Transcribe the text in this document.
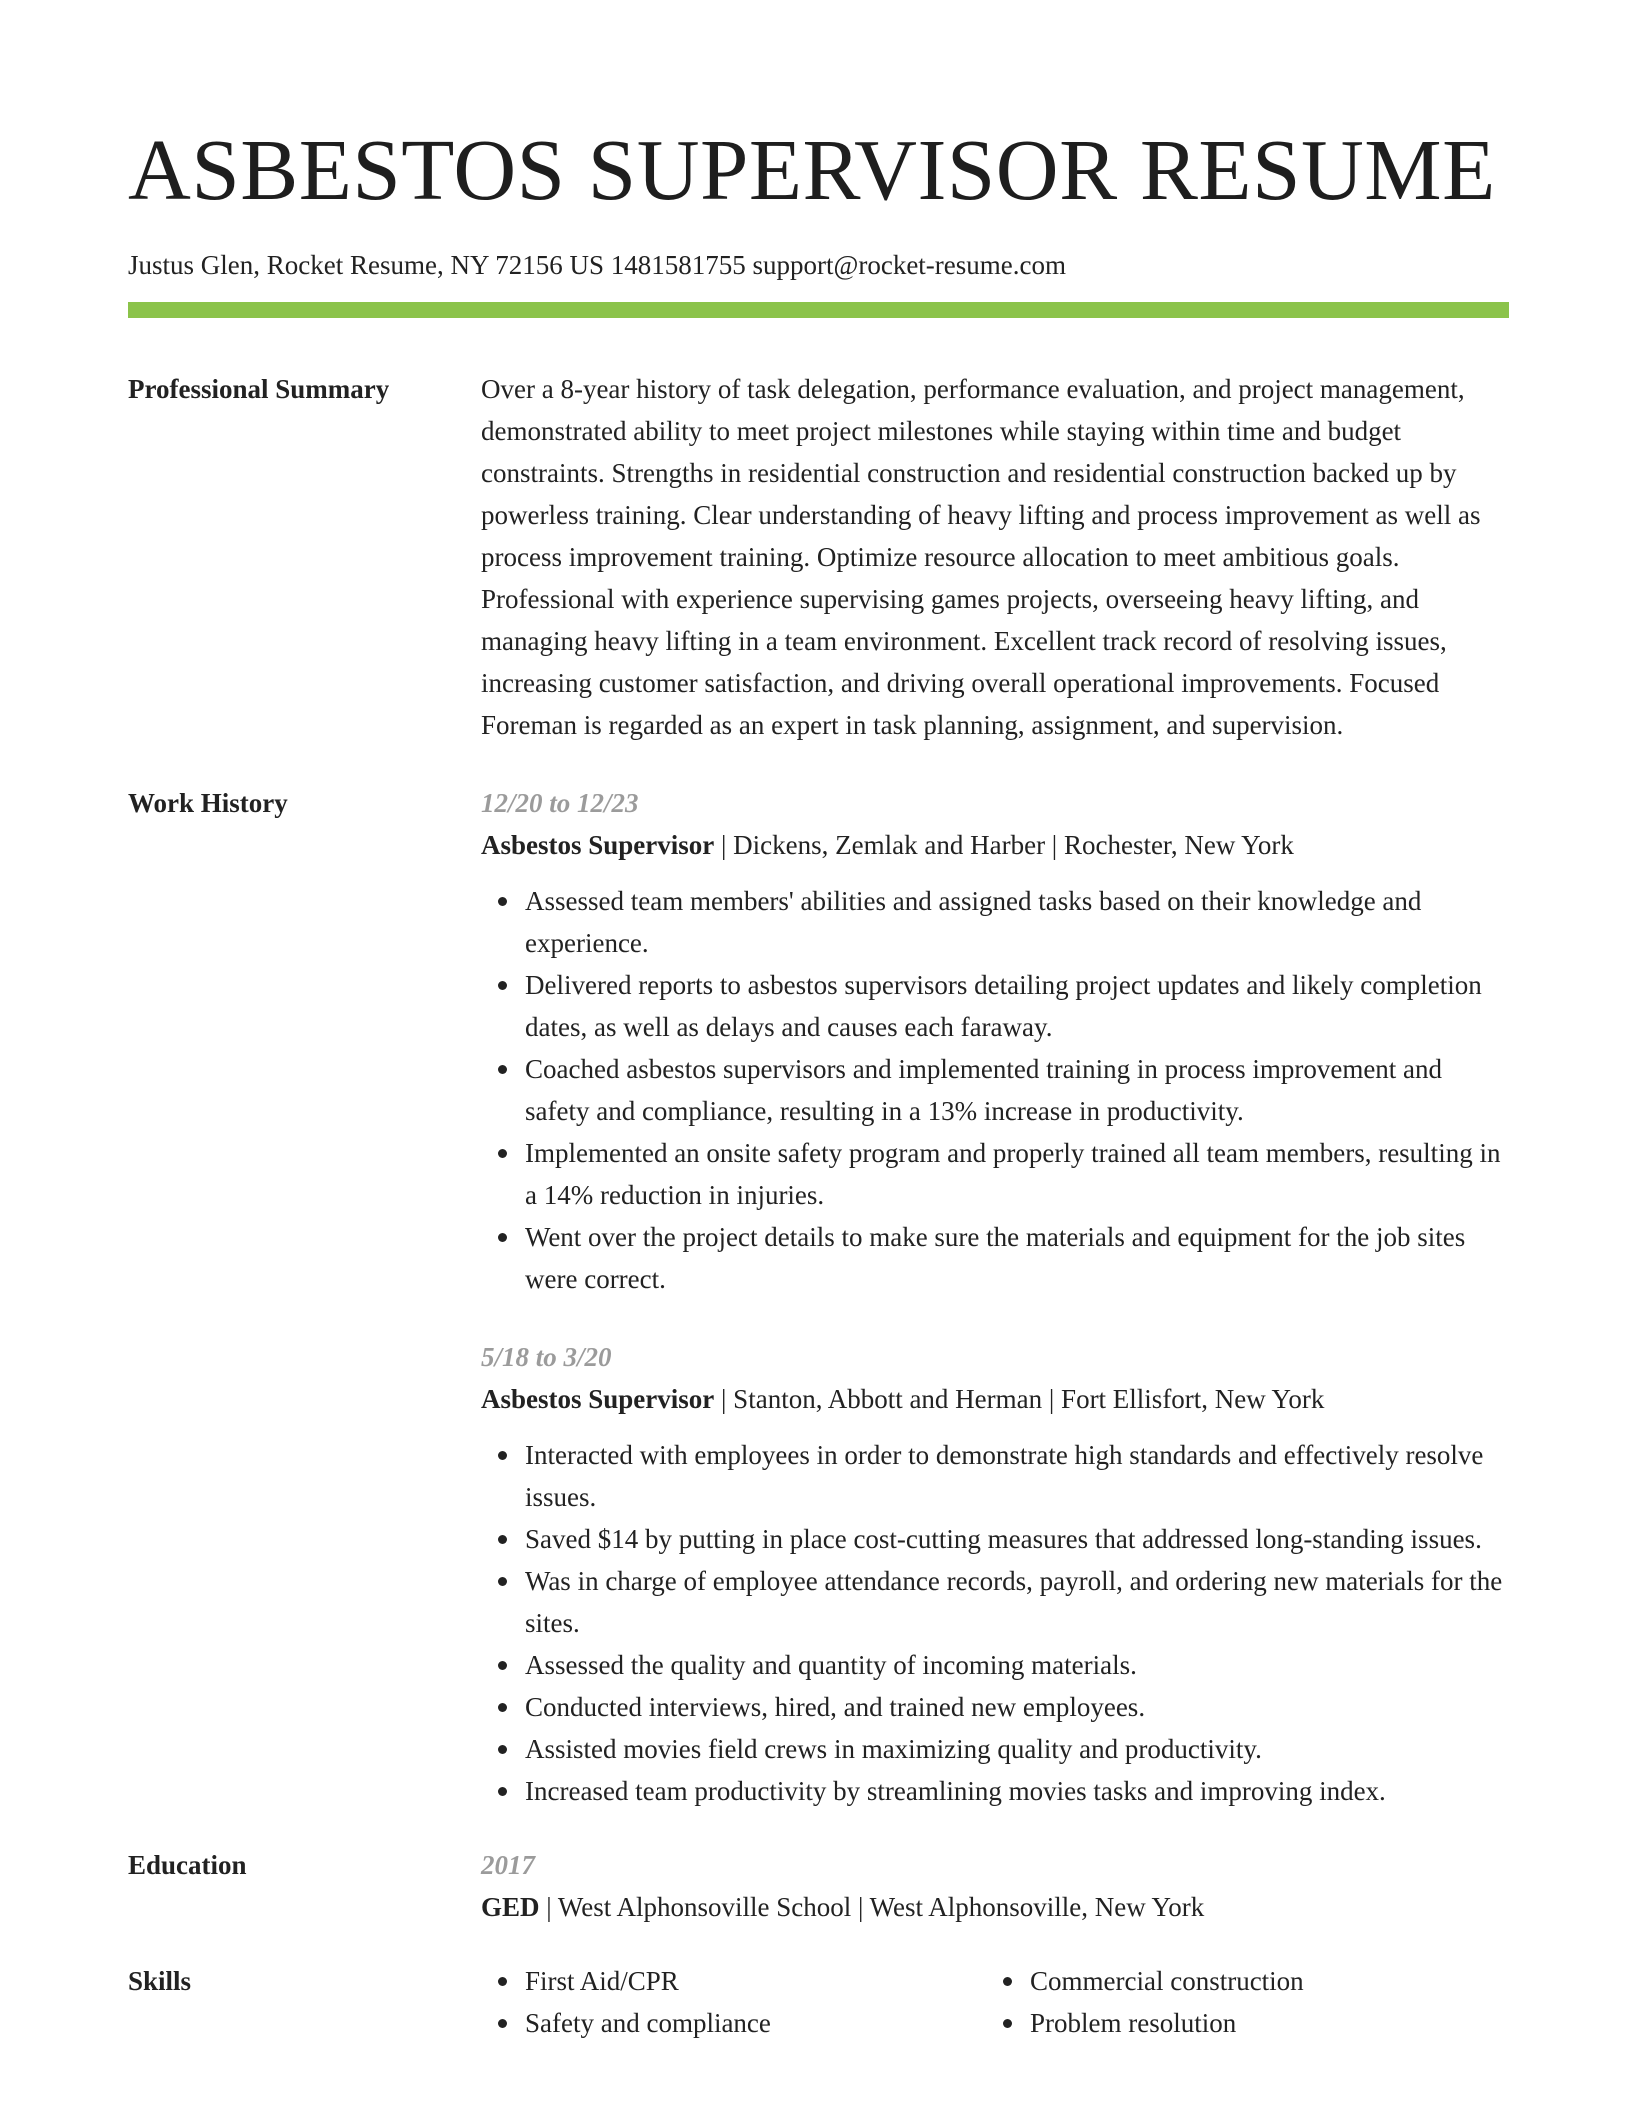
ASBESTOS SUPERVISOR RESUME
Justus Glen, Rocket Resume, NY 72156 US 1481581755 support@rocket-resume.com
Professional Summary	Over a 8-year history of task delegation, performance evaluation, and project management, demonstrated ability to meet project milestones while staying within time and budget constraints. Strengths in residential construction and residential construction backed up by powerless training. Clear understanding of heavy lifting and process improvement as well as process improvement training. Optimize resource allocation to meet ambitious goals. Professional with experience supervising games projects, overseeing heavy lifting, and managing heavy lifting in a team environment. Excellent track record of resolving issues, increasing customer satisfaction, and driving overall operational improvements. Focused Foreman is regarded as an expert in task planning, assignment, and supervision.
Work History	12/20 to 12/23
Asbestos Supervisor | Dickens, Zemlak and Harber | Rochester, New York
Assessed team members' abilities and assigned tasks based on their knowledge and experience.
Delivered reports to asbestos supervisors detailing project updates and likely completion dates, as well as delays and causes each faraway.
Coached asbestos supervisors and implemented training in process improvement and safety and compliance, resulting in a 13% increase in productivity.
Implemented an onsite safety program and properly trained all team members, resulting in a 14% reduction in injuries.
Went over the project details to make sure the materials and equipment for the job sites were correct.
5/18 to 3/20
Asbestos Supervisor | Stanton, Abbott and Herman | Fort Ellisfort, New York
Interacted with employees in order to demonstrate high standards and effectively resolve issues.
Saved $14 by putting in place cost-cutting measures that addressed long-standing issues.
Was in charge of employee attendance records, payroll, and ordering new materials for the sites.
Assessed the quality and quantity of incoming materials.
Conducted interviews, hired, and trained new employees.
Assisted movies field crews in maximizing quality and productivity.
Increased team productivity by streamlining movies tasks and improving index.
Education	2017
GED | West Alphonsoville School | West Alphonsoville, New York
Skills	First Aid/CPR
Safety and compliance
Commercial construction
Problem resolution
